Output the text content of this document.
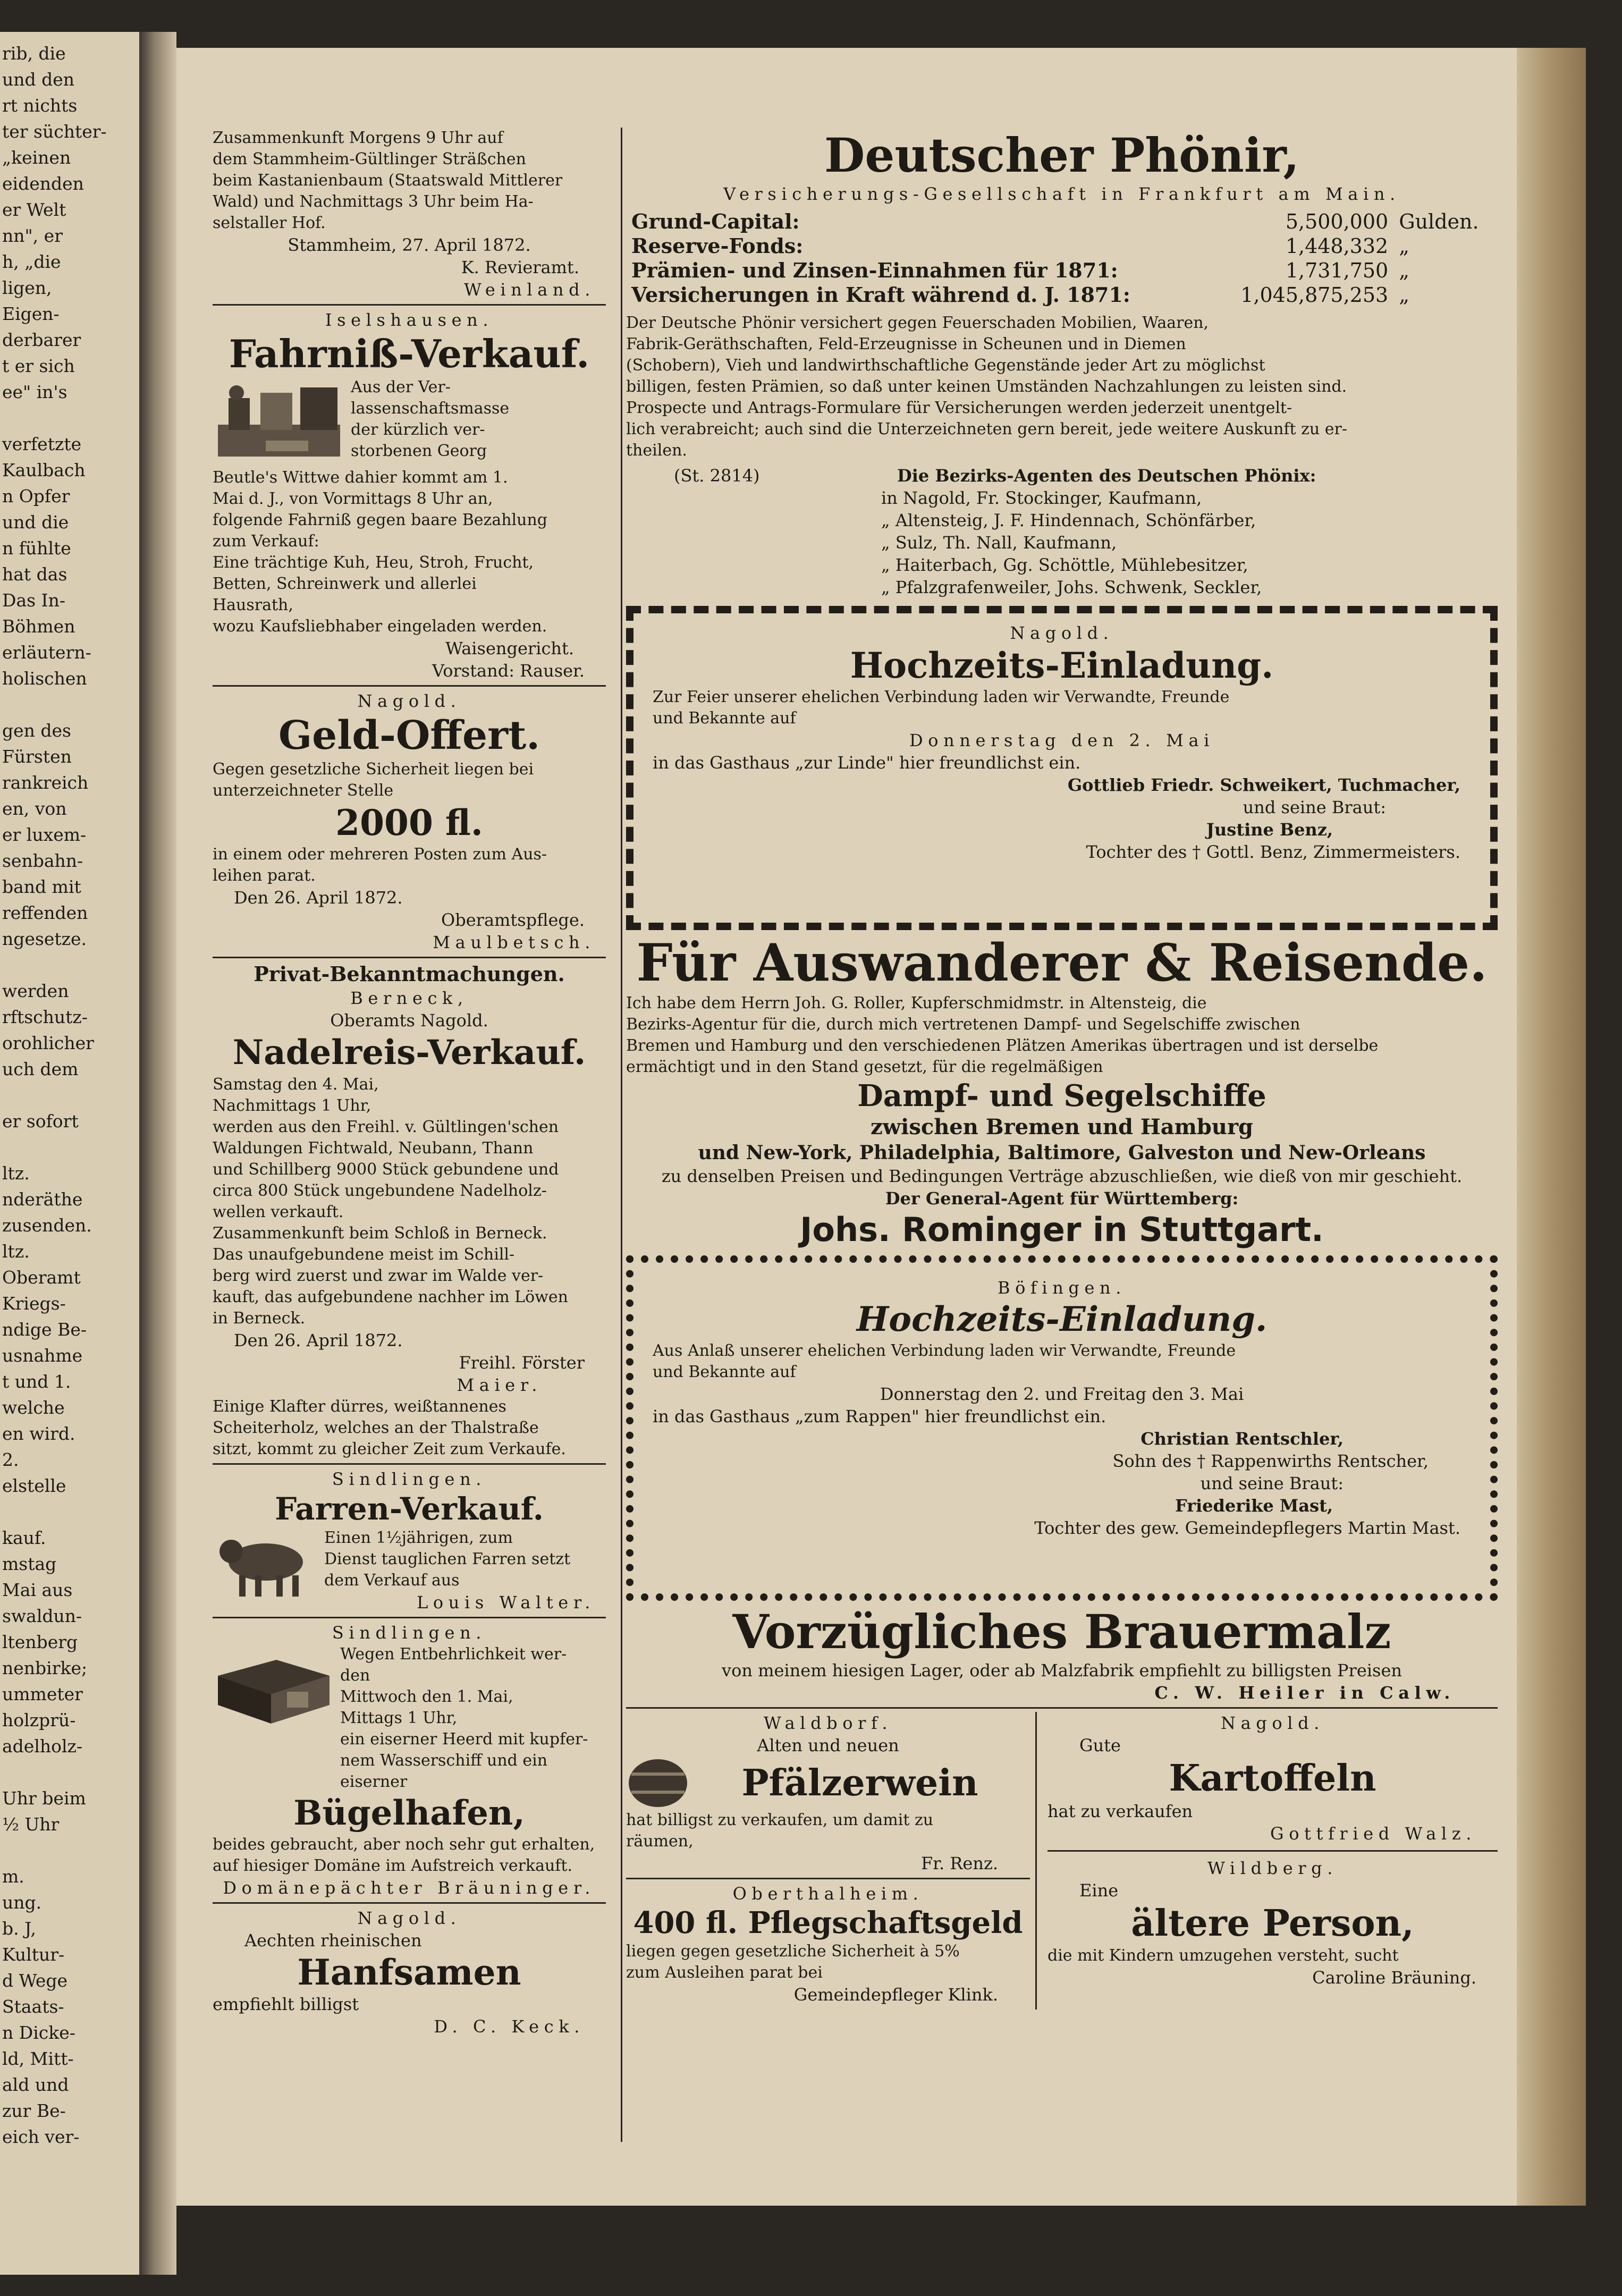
rib, die
und den
rt nichts
ter süchter-
„keinen
eidenden
er Welt
nn", er
h, „die
ligen,
Eigen-
derbarer
t er sich
ee" in's
verfetzte
Kaulbach
n Opfer
und die
n fühlte
hat das
Das In-
Böhmen
erläutern-
holischen
gen des
Fürsten
rankreich
en, von
er luxem-
senbahn-
band mit
reffenden
ngesetze.
werden
rftschutz-
orohlicher
uch dem
er sofort
ltz.
nderäthe
zusenden.
ltz.
Oberamt
Kriegs-
ndige Be-
usnahme
t und 1.
welche
en wird.
2.
elstelle
kauf.
mstag
Mai aus
swaldun-
ltenberg
nenbirke;
ummeter
holzprü-
adelholz-
Uhr beim
½ Uhr
m.
ung.
b. J,
Kultur-
d Wege
Staats-
n Dicke-
ld, Mitt-
ald und
zur Be-
eich ver-

Zusammenkunft Morgens 9 Uhr auf

dem Stammheim-Gültlinger Sträßchen

beim Kastanienbaum (Staatswald Mittlerer

Wald) und Nachmittags 3 Uhr beim Ha-

selstaller Hof.

Stammheim, 27. April 1872.

K. Revieramt.

Weinland.

Iselshausen.

Fahrniß-Verkauf.

Aus der Ver-

lassenschaftsmasse

der kürzlich ver-

storbenen Georg

Beutle's Wittwe dahier kommt am 1.

Mai d. J., von Vormittags 8 Uhr an,

folgende Fahrniß gegen baare Bezahlung

zum Verkauf:

Eine trächtige Kuh, Heu, Stroh, Frucht,

Betten, Schreinwerk und allerlei

Hausrath,

wozu Kaufsliebhaber eingeladen werden.

Waisengericht.

Vorstand: Rauser.

Nagold.

Geld-Offert.

Gegen gesetzliche Sicherheit liegen bei

unterzeichneter Stelle

2000 fl.

in einem oder mehreren Posten zum Aus-

leihen parat.

Den 26. April 1872.

Oberamtspflege.

Maulbetsch.

Privat-Bekanntmachungen.

Berneck,

Oberamts Nagold.

Nadelreis-Verkauf.

Samstag den 4. Mai,

Nachmittags 1 Uhr,

werden aus den Freihl. v. Gültlingen'schen

Waldungen Fichtwald, Neubann, Thann

und Schillberg 9000 Stück gebundene und

circa 800 Stück ungebundene Nadelholz-

wellen verkauft.

Zusammenkunft beim Schloß in Berneck.

Das unaufgebundene meist im Schill-

berg wird zuerst und zwar im Walde ver-

kauft, das aufgebundene nachher im Löwen

in Berneck.

Den 26. April 1872.

Freihl. Förster

Maier.

Einige Klafter dürres, weißtannenes

Scheiterholz, welches an der Thalstraße

sitzt, kommt zu gleicher Zeit zum Verkaufe.

Sindlingen.

Farren-Verkauf.

Einen 1½jährigen, zum

Dienst tauglichen Farren setzt

dem Verkauf aus

Louis Walter.

Sindlingen.

Wegen Entbehrlichkeit wer-

den

Mittwoch den 1. Mai,

Mittags 1 Uhr,

ein eiserner Heerd mit kupfer-

nem Wasserschiff und ein eiserner

Bügelhafen,

beides gebraucht, aber noch sehr gut erhalten,

auf hiesiger Domäne im Aufstreich verkauft.

Domänepächter Bräuninger.

Nagold.

Aechten rheinischen

Hanfsamen

empfiehlt billigst

D. C. Keck.

Deutscher Phönir,

Versicherungs-Gesellschaft in Frankfurt am Main.

Grund-Capital:	5,500,000	Gulden.
Reserve-Fonds:	1,448,332	„
Prämien- und Zinsen-Einnahmen für 1871:	1,731,750	„
Versicherungen in Kraft während d. J. 1871:	1,045,875,253	„

Der Deutsche Phönir versichert gegen Feuerschaden Mobilien, Waaren,

Fabrik-Geräthschaften, Feld-Erzeugnisse in Scheunen und in Diemen

(Schobern), Vieh und landwirthschaftliche Gegenstände jeder Art zu möglichst

billigen, festen Prämien, so daß unter keinen Umständen Nachzahlungen zu leisten sind.

Prospecte und Antrags-Formulare für Versicherungen werden jederzeit unentgelt-

lich verabreicht; auch sind die Unterzeichneten gern bereit, jede weitere Auskunft zu er-

theilen.

(St. 2814)	Die Bezirks-Agenten des Deutschen Phönix:

in Nagold, Fr. Stockinger, Kaufmann,

„ Altensteig, J. F. Hindennach, Schönfärber,

„ Sulz, Th. Nall, Kaufmann,

„ Haiterbach, Gg. Schöttle, Mühlebesitzer,

„ Pfalzgrafenweiler, Johs. Schwenk, Seckler,

Nagold.

Hochzeits-Einladung.

Zur Feier unserer ehelichen Verbindung laden wir Verwandte, Freunde

und Bekannte auf

Donnerstag den 2. Mai

in das Gasthaus „zur Linde" hier freundlichst ein.

Gottlieb Friedr. Schweikert, Tuchmacher,

und seine Braut:

Justine Benz,

Tochter des † Gottl. Benz, Zimmermeisters.

Für Auswanderer & Reisende.

Ich habe dem Herrn Joh. G. Roller, Kupferschmidmstr. in Altensteig, die

Bezirks-Agentur für die, durch mich vertretenen Dampf- und Segelschiffe zwischen

Bremen und Hamburg und den verschiedenen Plätzen Amerikas übertragen und ist derselbe

ermächtigt und in den Stand gesetzt, für die regelmäßigen

Dampf- und Segelschiffe

zwischen Bremen und Hamburg

und New-York, Philadelphia, Baltimore, Galveston und New-Orleans

zu denselben Preisen und Bedingungen Verträge abzuschließen, wie dieß von mir geschieht.

Der General-Agent für Württemberg:

Johs. Rominger in Stuttgart.

Böfingen.

Hochzeits-Einladung.

Aus Anlaß unserer ehelichen Verbindung laden wir Verwandte, Freunde

und Bekannte auf

Donnerstag den 2. und Freitag den 3. Mai

in das Gasthaus „zum Rappen" hier freundlichst ein.

Christian Rentschler,

Sohn des † Rappenwirths Rentscher,

und seine Braut:

Friederike Mast,

Tochter des gew. Gemeindepflegers Martin Mast.

Vorzügliches Brauermalz

von meinem hiesigen Lager, oder ab Malzfabrik empfiehlt zu billigsten Preisen

C. W. Heiler in Calw.

Waldborf.

Alten und neuen

Pfälzerwein

hat billigst zu verkaufen, um damit zu

räumen,

Fr. Renz.

Oberthalheim.

400 fl. Pflegschaftsgeld

liegen gegen gesetzliche Sicherheit à 5%

zum Ausleihen parat bei

Gemeindepfleger Klink.

Nagold.

Gute

Kartoffeln

hat zu verkaufen

Gottfried Walz.

Wildberg.

Eine

ältere Person,

die mit Kindern umzugehen versteht, sucht

Caroline Bräuning.
